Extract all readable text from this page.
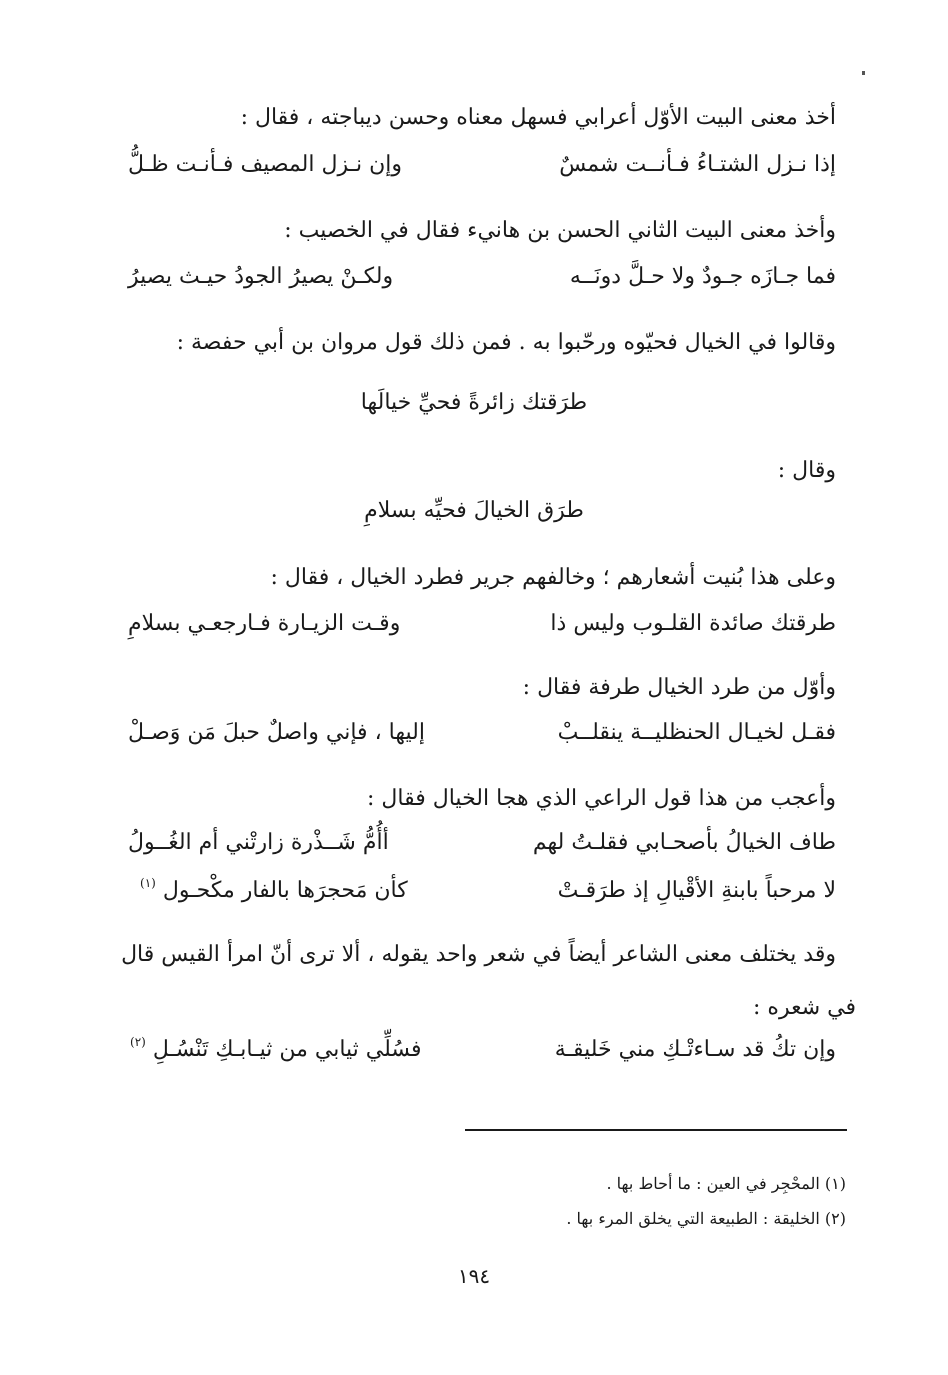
أخذ معنى البيت الأوّل أعرابي فسهل معناه وحسن ديباجته ، فقال :
إذا نـزل الشتـاءُ فـأنــت شمسٌ
وإن نـزل المصيف فـأنـت ظـلُّ
وأخذ معنى البيت الثاني الحسن بن هانيء فقال في الخصيب :
فما جـازَه جـودٌ ولا حـلَّ دونَــه
ولكـنْ يصيرُ الجودُ حيـث يصيرُ
وقالوا في الخيال فحيّوه ورحّبوا به . فمن ذلك قول مروان بن أبي حفصة :
طرَقتك زائرةً فحيِّ خيالَها
وقال :
طرَق الخيالَ فحيِّه بسلامِ
وعلى هذا بُنيت أشعارهم ؛ وخالفهم جرير فطرد الخيال ، فقال :
طرقتك صائدة القلـوب وليس ذا
وقـت الزيـارة فـارجعـي بسلامِ
وأوّل من طرد الخيال طرفة فقال :
فقـل لخيـال الحنظليــة ينقلــبْ
إليها ، فإني واصلٌ حبلَ مَن وَصـلْ
وأعجب من هذا قول الراعي الذي هجا الخيال فقال :
طاف الخيالُ بأصحـابي فقلـتُ لهم
أأُمُّ شَــذْرة زارتْني أم الغُــولُ
لا مرحباً بابنةِ الأقْيالِ إذ طرَقـتْ
كأن مَحجرَها بالفار مكْحـول $^{(١)}$
وقد يختلف معنى الشاعر أيضاً في شعر واحد يقوله ، ألا ترى أنّ امرأ القيس قال
في شعره :
وإن تكُ قد سـاءتْـكِ مني خَليقـة
فسُلِّي ثيابي من ثيـابـكِ تَنْسُـلِ $^{(٢)}$
(١) المحْجِر في العين : ما أحاط بها .
(٢) الخليقة : الطبيعة التي يخلق المرء بها .
١٩٤
